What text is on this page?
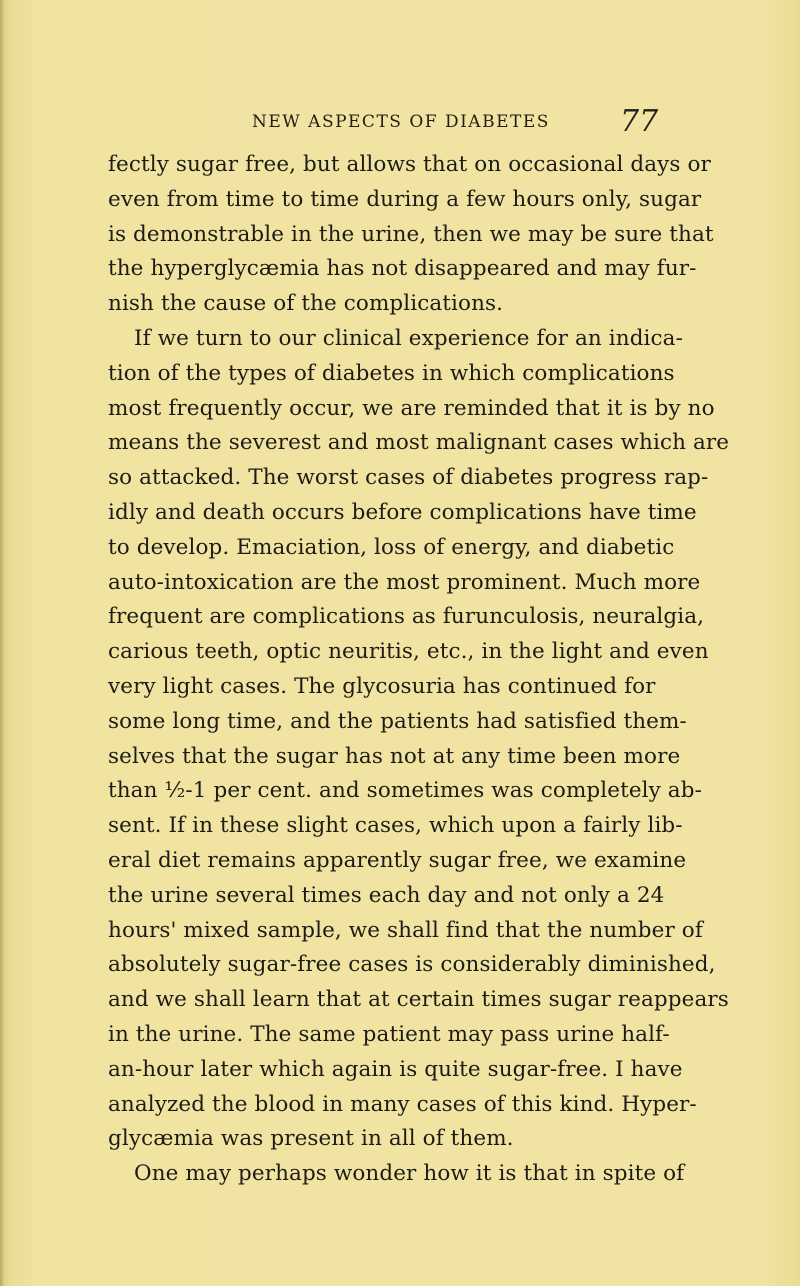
NEW ASPECTS OF DIABETES 77
fectly sugar free, but allows that on occasional days or
even from time to time during a few hours only, sugar
is demonstrable in the urine, then we may be sure that
the hyperglycæmia has not disappeared and may fur-
nish the cause of the complications.
If we turn to our clinical experience for an indica-
tion of the types of diabetes in which complications
most frequently occur, we are reminded that it is by no
means the severest and most malignant cases which are
so attacked. The worst cases of diabetes progress rap-
idly and death occurs before complications have time
to develop. Emaciation, loss of energy, and diabetic
auto-intoxication are the most prominent. Much more
frequent are complications as furunculosis, neuralgia,
carious teeth, optic neuritis, etc., in the light and even
very light cases. The glycosuria has continued for
some long time, and the patients had satisfied them-
selves that the sugar has not at any time been more
than ½-1 per cent. and sometimes was completely ab-
sent. If in these slight cases, which upon a fairly lib-
eral diet remains apparently sugar free, we examine
the urine several times each day and not only a 24
hours' mixed sample, we shall find that the number of
absolutely sugar-free cases is considerably diminished,
and we shall learn that at certain times sugar reappears
in the urine. The same patient may pass urine half-
an-hour later which again is quite sugar-free. I have
analyzed the blood in many cases of this kind. Hyper-
glycæmia was present in all of them.
One may perhaps wonder how it is that in spite of
